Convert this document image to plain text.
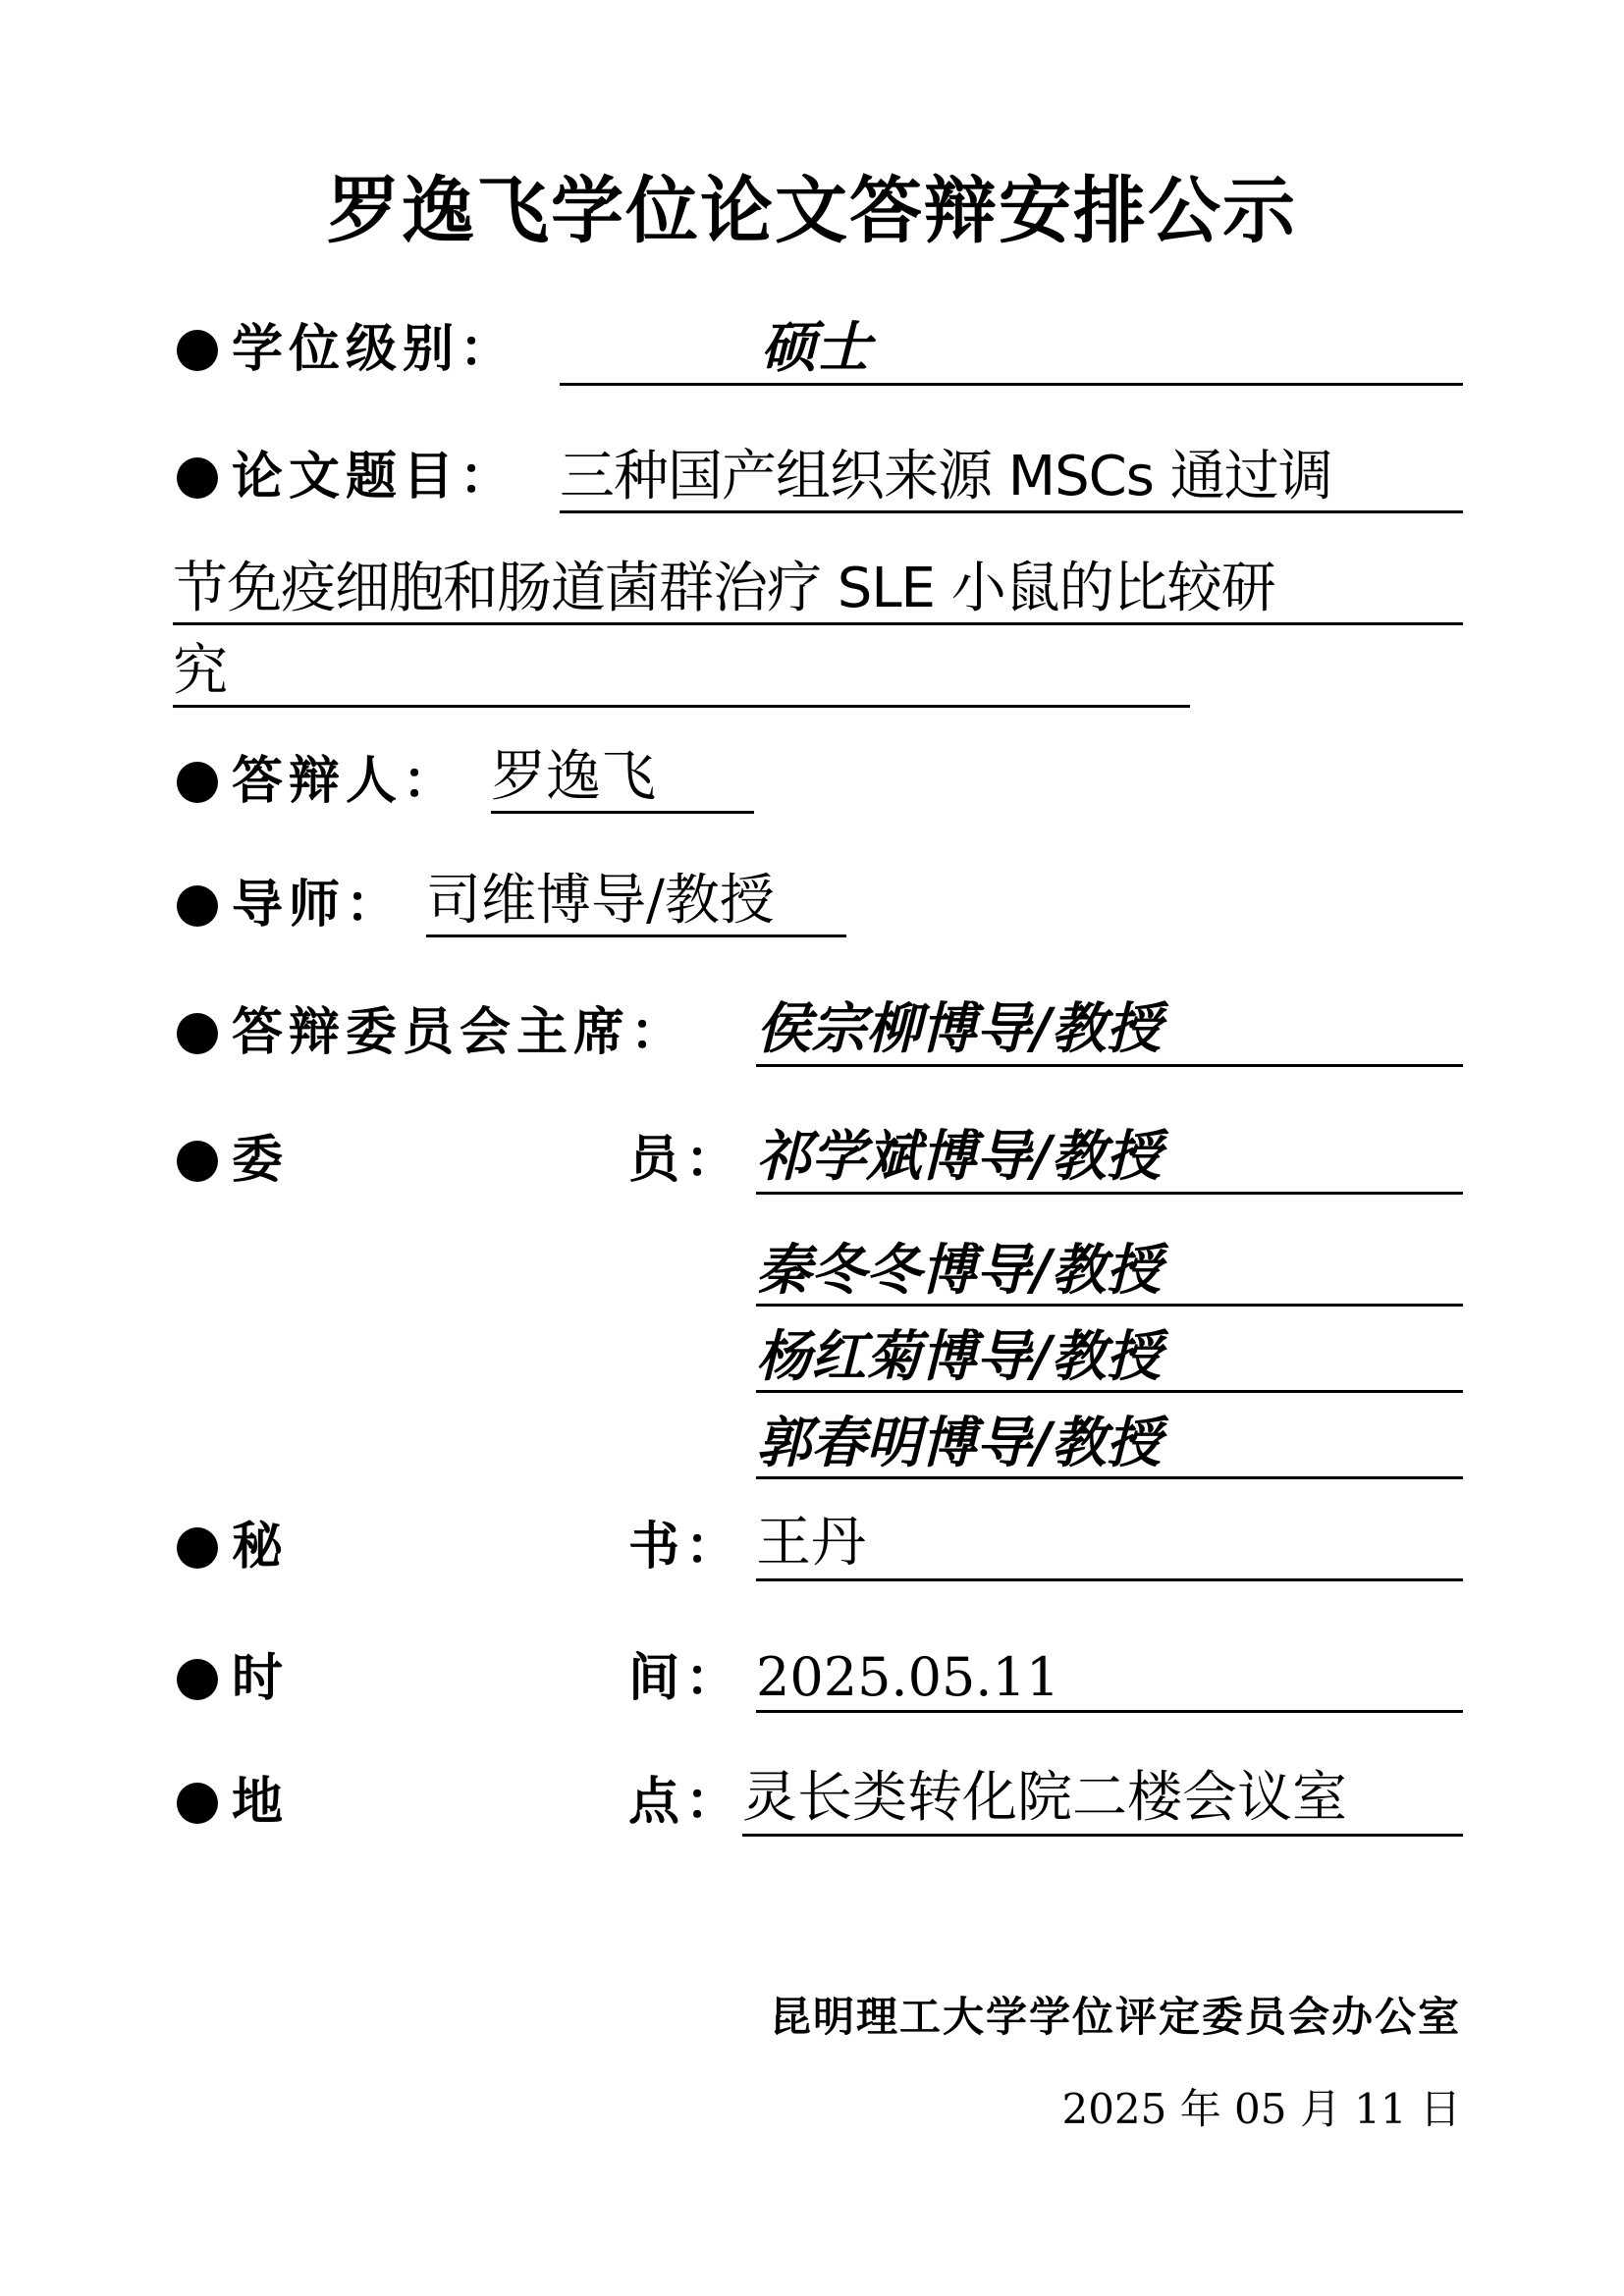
罗逸飞学位论文答辩安排公示
学位级别：	硕士
论文题目： 三种国产组织来源 MSCs 通过调
节免疫细胞和肠道菌群治疗 SLE 小鼠的比较研
究
答辩人： 罗逸飞
导师： 司维博导/教授
答辩委员会主席： 侯宗柳博导/教授
委	员： 祁学斌博导/教授
秦冬冬博导/教授
杨红菊博导/教授
郭春明博导/教授
秘	书： 王丹
时	间： 2025.05.11
地	点： 灵长类转化院二楼会议室
昆明理工大学学位评定委员会办公室
2025 年 05 月 11 日
